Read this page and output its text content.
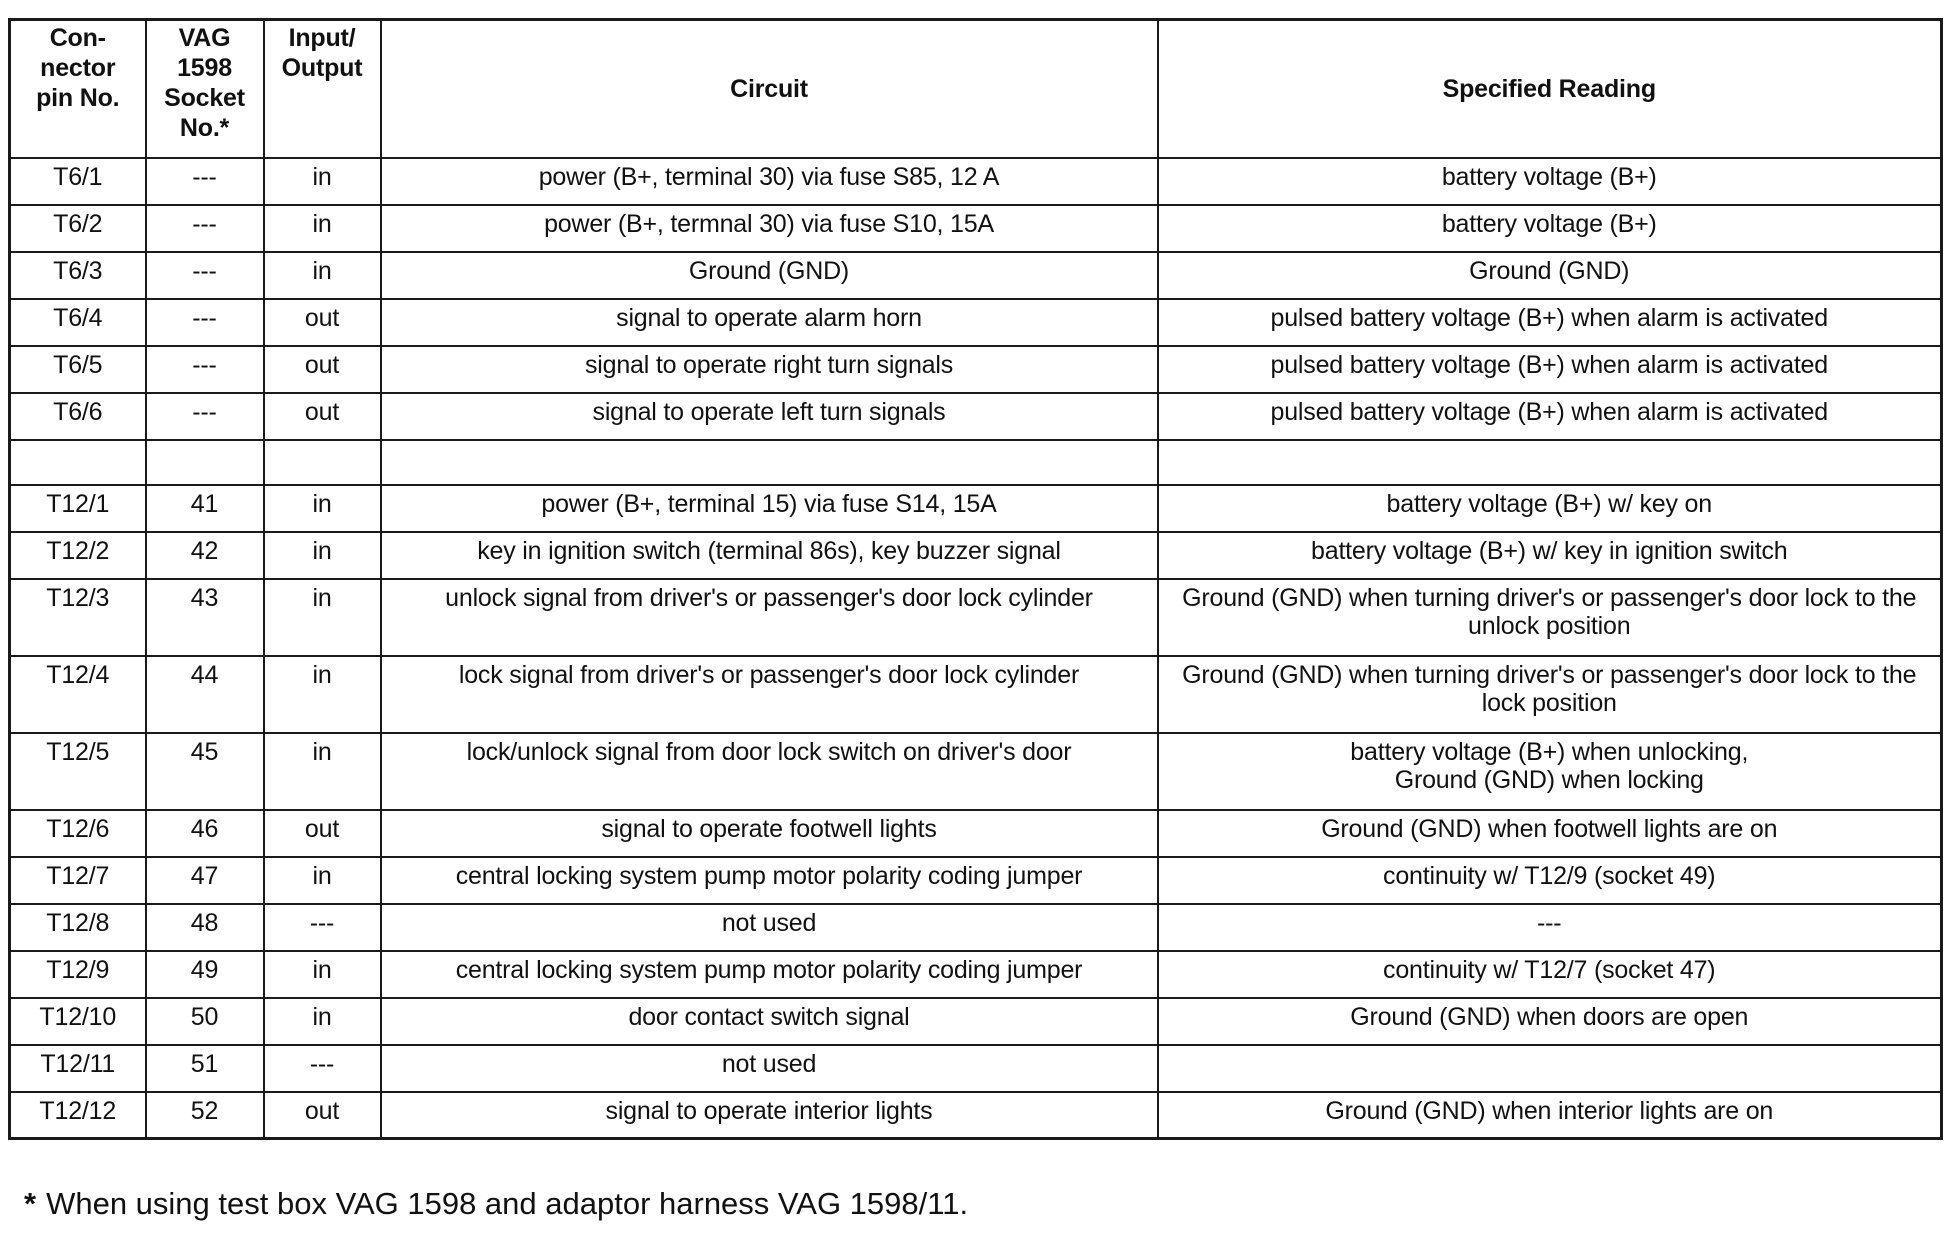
Con-
nector
pin No.	VAG
1598
Socket
No.*	Input/
Output	Circuit	Specified Reading
T6/1	---	in	power (B+, terminal 30) via fuse S85, 12 A	battery voltage (B+)
T6/2	---	in	power (B+, termnal 30) via fuse S10, 15A	battery voltage (B+)
T6/3	---	in	Ground (GND)	Ground (GND)
T6/4	---	out	signal to operate alarm horn	pulsed battery voltage (B+) when alarm is activated
T6/5	---	out	signal to operate right turn signals	pulsed battery voltage (B+) when alarm is activated
T6/6	---	out	signal to operate left turn signals	pulsed battery voltage (B+) when alarm is activated

T12/1	41	in	power (B+, terminal 15) via fuse S14, 15A	battery voltage (B+) w/ key on
T12/2	42	in	key in ignition switch (terminal 86s), key buzzer signal	battery voltage (B+) w/ key in ignition switch
T12/3	43	in	unlock signal from driver's or passenger's door lock cylinder	Ground (GND) when turning driver's or passenger's door lock to the unlock position
T12/4	44	in	lock signal from driver's or passenger's door lock cylinder	Ground (GND) when turning driver's or passenger's door lock to the lock position
T12/5	45	in	lock/unlock signal from door lock switch on driver's door	battery voltage (B+) when unlocking,
Ground (GND) when locking
T12/6	46	out	signal to operate footwell lights	Ground (GND) when footwell lights are on
T12/7	47	in	central locking system pump motor polarity coding jumper	continuity w/ T12/9 (socket 49)
T12/8	48	---	not used	---
T12/9	49	in	central locking system pump motor polarity coding jumper	continuity w/ T12/7 (socket 47)
T12/10	50	in	door contact switch signal	Ground (GND) when doors are open
T12/11	51	---	not used	
T12/12	52	out	signal to operate interior lights	Ground (GND) when interior lights are on
* When using test box VAG 1598 and adaptor harness VAG 1598/11.
